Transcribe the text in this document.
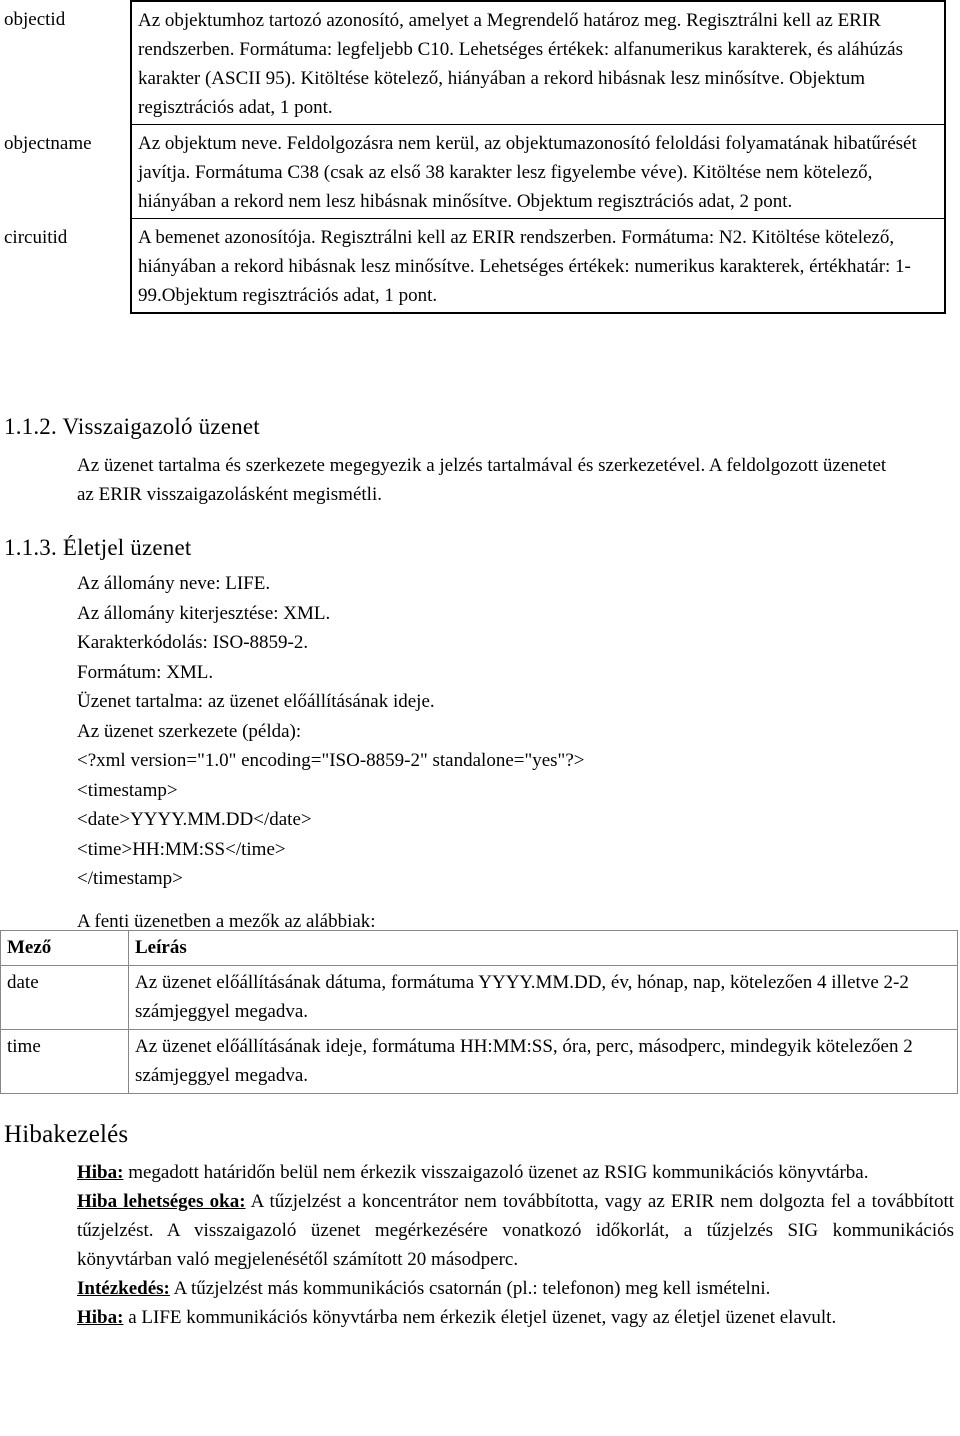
objectid	Az objektumhoz tartozó azonosító, amelyet a Megrendelő határoz meg. Regisztrálni kell az ERIR rendszerben. Formátuma: legfeljebb C10. Lehetséges értékek: alfanumerikus karakterek, és aláhúzás karakter (ASCII 95). Kitöltése kötelező, hiányában a rekord hibásnak lesz minősítve. Objektum regisztrációs adat, 1 pont.
objectname	Az objektum neve. Feldolgozásra nem kerül, az objektumazonosító feloldási folyamatának hibatűrését javítja. Formátuma C38 (csak az első 38 karakter lesz figyelembe véve). Kitöltése nem kötelező, hiányában a rekord nem lesz hibásnak minősítve. Objektum regisztrációs adat, 2 pont.
circuitid	A bemenet azonosítója. Regisztrálni kell az ERIR rendszerben. Formátuma: N2. Kitöltése kötelező, hiányában a rekord hibásnak lesz minősítve. Lehetséges értékek: numerikus karakterek, értékhatár: 1-99.Objektum regisztrációs adat, 1 pont.
1.1.2. Visszaigazoló üzenet

Az üzenet tartalma és szerkezete megegyezik a jelzés tartalmával és szerkezetével. A feldolgozott üzenetet az ERIR visszaigazolásként megismétli.

1.1.3. Életjel üzenet
Az állomány neve: LIFE.
Az állomány kiterjesztése: XML.
Karakterkódolás: ISO-8859-2.
Formátum: XML.
Üzenet tartalma: az üzenet előállításának ideje.
Az üzenet szerkezete (példa):
<?xml version="1.0" encoding="ISO-8859-2" standalone="yes"?>
<timestamp>
<date>YYYY.MM.DD</date>
<time>HH:MM:SS</time>
</timestamp>

A fenti üzenetben a mezők az alábbiak:

Mező	Leírás
date	Az üzenet előállításának dátuma, formátuma YYYY.MM.DD, év, hónap, nap, kötelezően 4 illetve 2-2 számjeggyel megadva.
time	Az üzenet előállításának ideje, formátuma HH:MM:SS, óra, perc, másodperc, mindegyik kötelezően 2 számjeggyel megadva.
Hibakezelés

Hiba: megadott határidőn belül nem érkezik visszaigazoló üzenet az RSIG kommunikációs könyvtárba.

Hiba lehetséges oka: A tűzjelzést a koncentrátor nem továbbította, vagy az ERIR nem dolgozta fel a továbbított tűzjelzést. A visszaigazoló üzenet megérkezésére vonatkozó időkorlát, a tűzjelzés SIG kommunikációs könyvtárban való megjelenésétől számított 20 másodperc.

Intézkedés: A tűzjelzést más kommunikációs csatornán (pl.: telefonon) meg kell ismételni.

Hiba: a LIFE kommunikációs könyvtárba nem érkezik életjel üzenet, vagy az életjel üzenet elavult.
